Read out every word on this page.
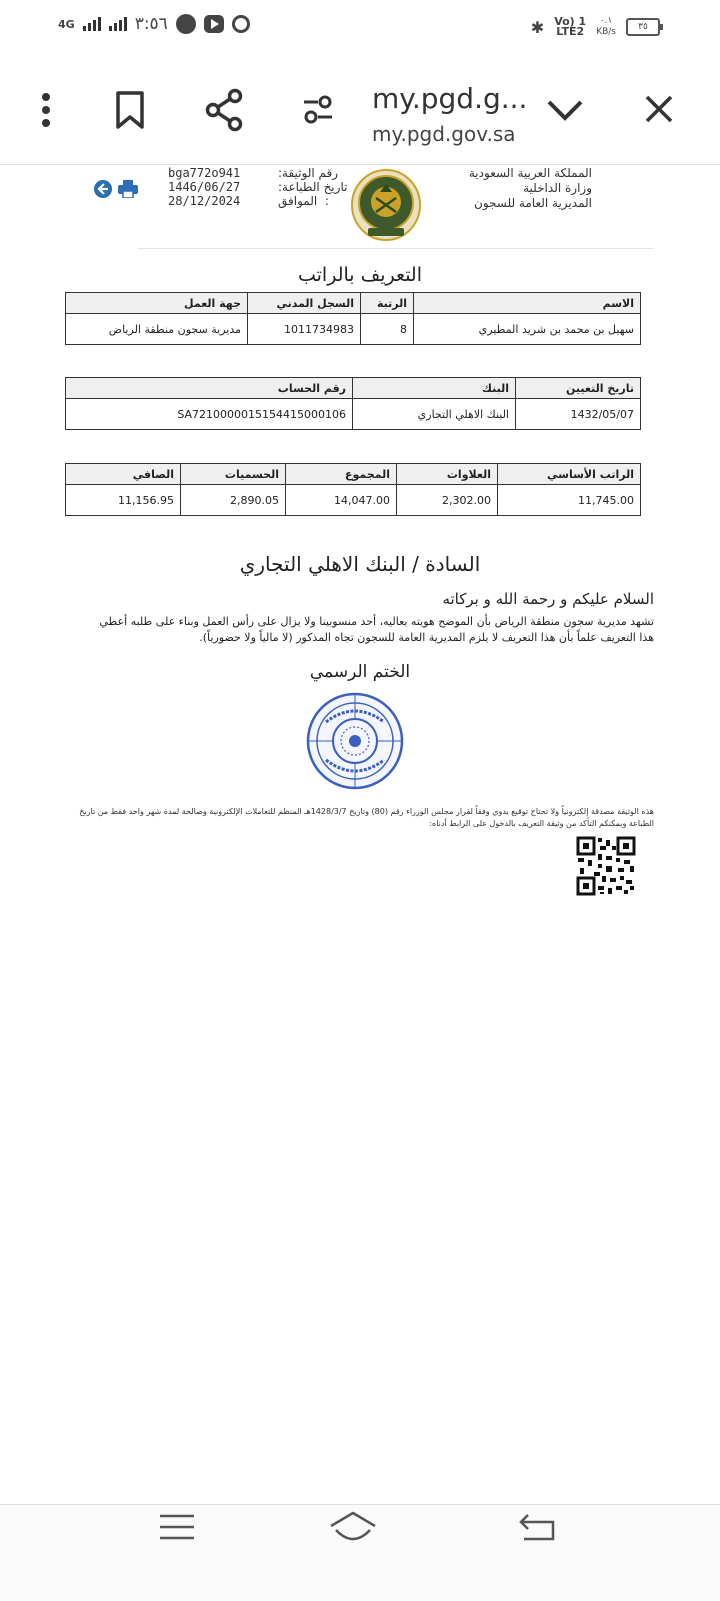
4G	٣:٥٦	✱ Vo) 1
LTE2
٠.١
KB/s	٣٥
my.pgd.g...
my.pgd.gov.sa
المملكة العربية السعودية
وزارة الداخلية
المديرية العامة للسجون
bga772o941	رقم الوثيقة:
1446/06/27	تاريخ الطباعة:
28/12/2024	:  الموافق
التعريف بالراتب
الاسم	الرتبة	السجل المدني	جهة العمل
سهيل بن محمد بن شريد المطيري	8	1011734983	مديرية سجون منطقة الرياض
تاريخ التعيين	البنك	رقم الحساب
1432/05/07	البنك الاهلي التجاري	SA7210000015154415000106
الراتب الأساسي	العلاوات	المجموع	الحسميات	الصافي
11,745.00	2,302.00	14,047.00	2,890.05	11,156.95
السادة / البنك الاهلي التجاري
السلام عليكم و رحمة الله و بركاته
تشهد مديرية سجون منطقة الرياض بأن الموضح هويته بعاليه، أحد منسوبينا ولا يزال على رأس العمل وبناء على طلبه أعطي هذا التعريف علماً بأن هذا التعريف لا يلزم المديرية العامة للسجون تجاه المذكور (لا مالياً ولا حضورياً).
الختم الرسمي
هذه الوثيقة مصدقة إلكترونياً ولا تحتاج توقيع يدوي وفقاً لقرار مجلس الوزراء رقم (80) وتاريخ 1428/3/7هـ المنظم للتعاملات الإلكترونية وصالحة لمدة شهر واحد فقط من تاريخ الطباعة ويمكنكم التأكد من وثيقة التعريف بالدخول على الرابط أدناه:
